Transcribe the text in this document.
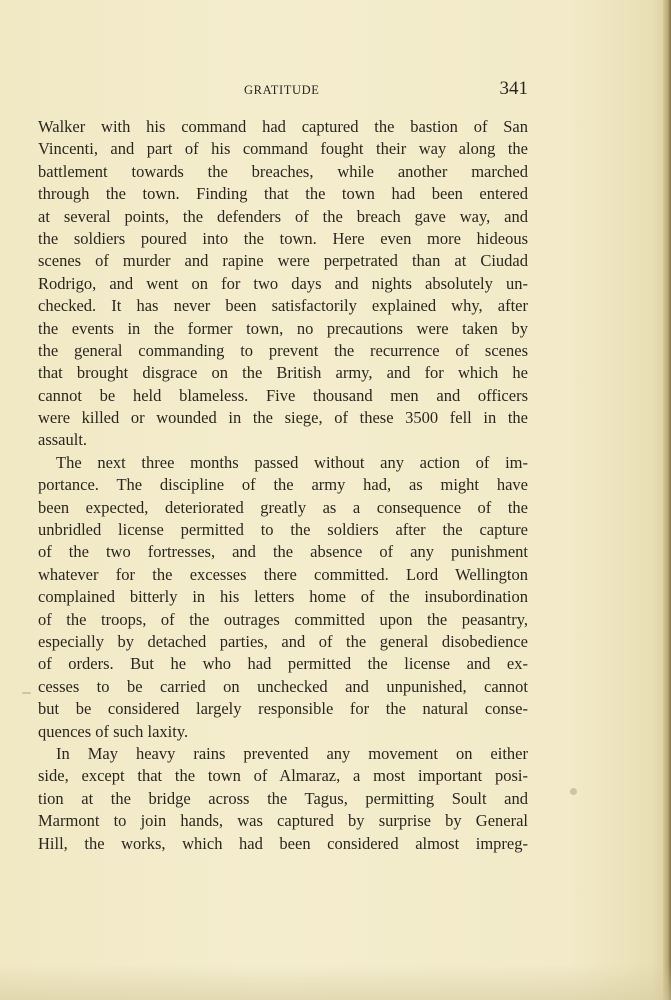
GRATITUDE	341
Walker with his command had captured the bastion of San
Vincenti, and part of his command fought their way along the
battlement towards the breaches, while another marched
through the town. Finding that the town had been entered
at several points, the defenders of the breach gave way, and
the soldiers poured into the town. Here even more hideous
scenes of murder and rapine were perpetrated than at Ciudad
Rodrigo, and went on for two days and nights absolutely un-
checked. It has never been satisfactorily explained why, after
the events in the former town, no precautions were taken by
the general commanding to prevent the recurrence of scenes
that brought disgrace on the British army, and for which he
cannot be held blameless. Five thousand men and officers
were killed or wounded in the siege, of these 3500 fell in the
assault.
The next three months passed without any action of im-
portance. The discipline of the army had, as might have
been expected, deteriorated greatly as a consequence of the
unbridled license permitted to the soldiers after the capture
of the two fortresses, and the absence of any punishment
whatever for the excesses there committed. Lord Wellington
complained bitterly in his letters home of the insubordination
of the troops, of the outrages committed upon the peasantry,
especially by detached parties, and of the general disobedience
of orders. But he who had permitted the license and ex-
cesses to be carried on unchecked and unpunished, cannot
but be considered largely responsible for the natural conse-
quences of such laxity.
In May heavy rains prevented any movement on either
side, except that the town of Almaraz, a most important posi-
tion at the bridge across the Tagus, permitting Soult and
Marmont to join hands, was captured by surprise by General
Hill, the works, which had been considered almost impreg-
